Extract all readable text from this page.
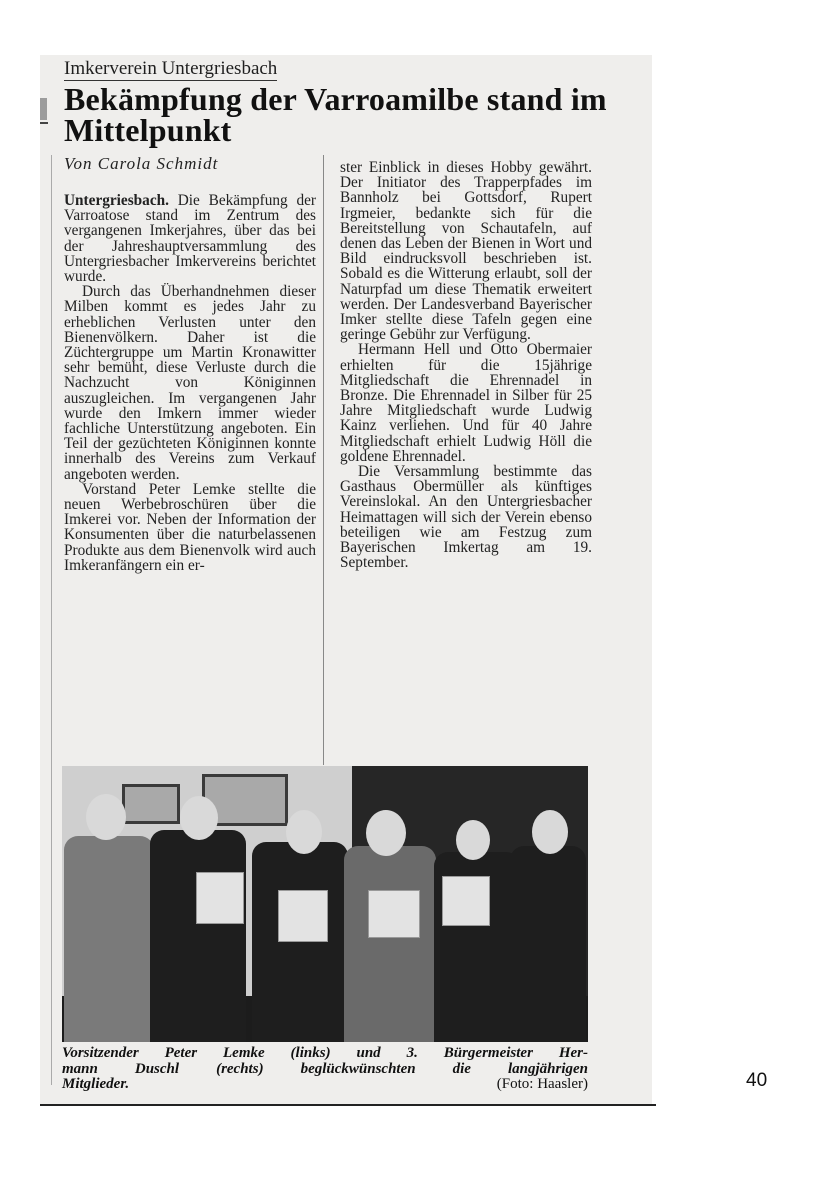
Imkerverein Untergriesbach
Bekämpfung der Varroamilbe stand im Mittelpunkt
Von Carola Schmidt

Untergriesbach. Die Bekämpfung der Varroatose stand im Zentrum des vergangenen Imkerjahres, über das bei der Jahreshauptversammlung des Untergriesbacher Imkervereins berichtet wurde.

Durch das Überhandnehmen dieser Milben kommt es jedes Jahr zu erheblichen Verlusten unter den Bienenvölkern. Daher ist die Züchtergruppe um Martin Kronawitter sehr bemüht, diese Verluste durch die Nachzucht von Königinnen auszugleichen. Im vergangenen Jahr wurde den Imkern immer wieder fachliche Unterstützung angeboten. Ein Teil der gezüchteten Königinnen konnte innerhalb des Vereins zum Verkauf angeboten werden.

Vorstand Peter Lemke stellte die neuen Werbebroschüren über die Imkerei vor. Neben der Information der Konsumenten über die naturbelassenen Produkte aus dem Bienenvolk wird auch Imkeranfängern ein er-

ster Einblick in dieses Hobby gewährt. Der Initiator des Trapperpfades im Bannholz bei Gottsdorf, Rupert Irgmeier, bedankte sich für die Bereitstellung von Schautafeln, auf denen das Leben der Bienen in Wort und Bild eindrucksvoll beschrieben ist. Sobald es die Witterung erlaubt, soll der Naturpfad um diese Thematik erweitert werden. Der Landesverband Bayerischer Imker stellte diese Tafeln gegen eine geringe Gebühr zur Verfügung.

Hermann Hell und Otto Obermaier erhielten für die 15jährige Mitgliedschaft die Ehrennadel in Bronze. Die Ehrennadel in Silber für 25 Jahre Mitgliedschaft wurde Ludwig Kainz verliehen. Und für 40 Jahre Mitgliedschaft erhielt Ludwig Höll die goldene Ehrennadel.

Die Versammlung bestimmte das Gasthaus Obermüller als künftiges Vereinslokal. An den Untergriesbacher Heimattagen will sich der Verein ebenso beteiligen wie am Festzug zum Bayerischen Imkertag am 19. September.

Vorsitzender Peter Lemke (links) und 3. Bürgermeister Her-
mann Duschl (rechts) beglückwünschten die langjährigen
Mitglieder.	(Foto: Haasler)	40
